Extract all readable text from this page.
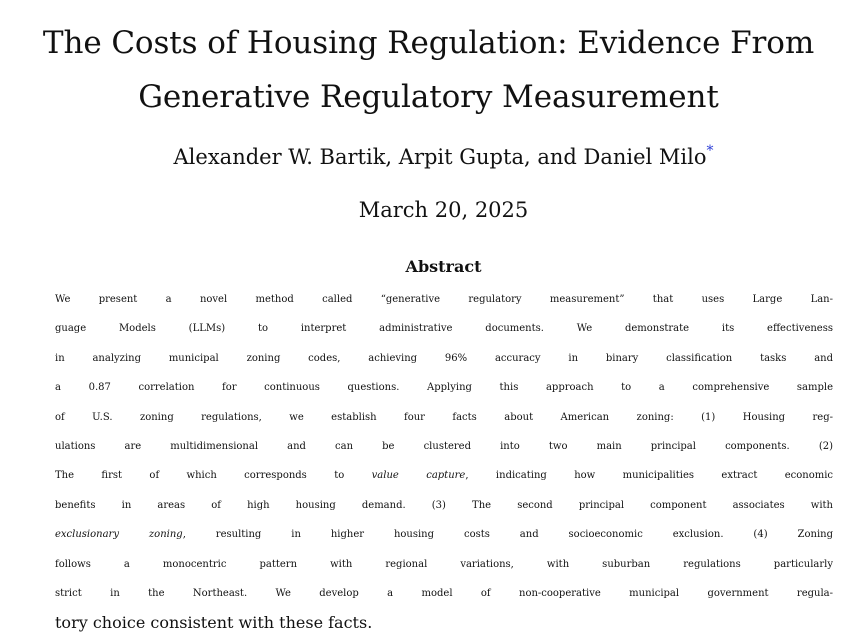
The Costs of Housing Regulation: Evidence From
Generative Regulatory Measurement
Alexander W. Bartik, Arpit Gupta, and Daniel Milo*
March 20, 2025
Abstract
We present a novel method called “generative regulatory measurement” that uses Large Lan-
guage Models (LLMs) to interpret administrative documents. We demonstrate its effectiveness
in analyzing municipal zoning codes, achieving 96% accuracy in binary classification tasks and
a 0.87 correlation for continuous questions. Applying this approach to a comprehensive sample
of U.S. zoning regulations, we establish four facts about American zoning: (1) Housing reg-
ulations are multidimensional and can be clustered into two main principal components. (2)
The first of which corresponds to value capture, indicating how municipalities extract economic
benefits in areas of high housing demand. (3) The second principal component associates with
exclusionary zoning, resulting in higher housing costs and socioeconomic exclusion. (4) Zoning
follows a monocentric pattern with regional variations, with suburban regulations particularly
strict in the Northeast. We develop a model of non-cooperative municipal government regula-
tory choice consistent with these facts.
